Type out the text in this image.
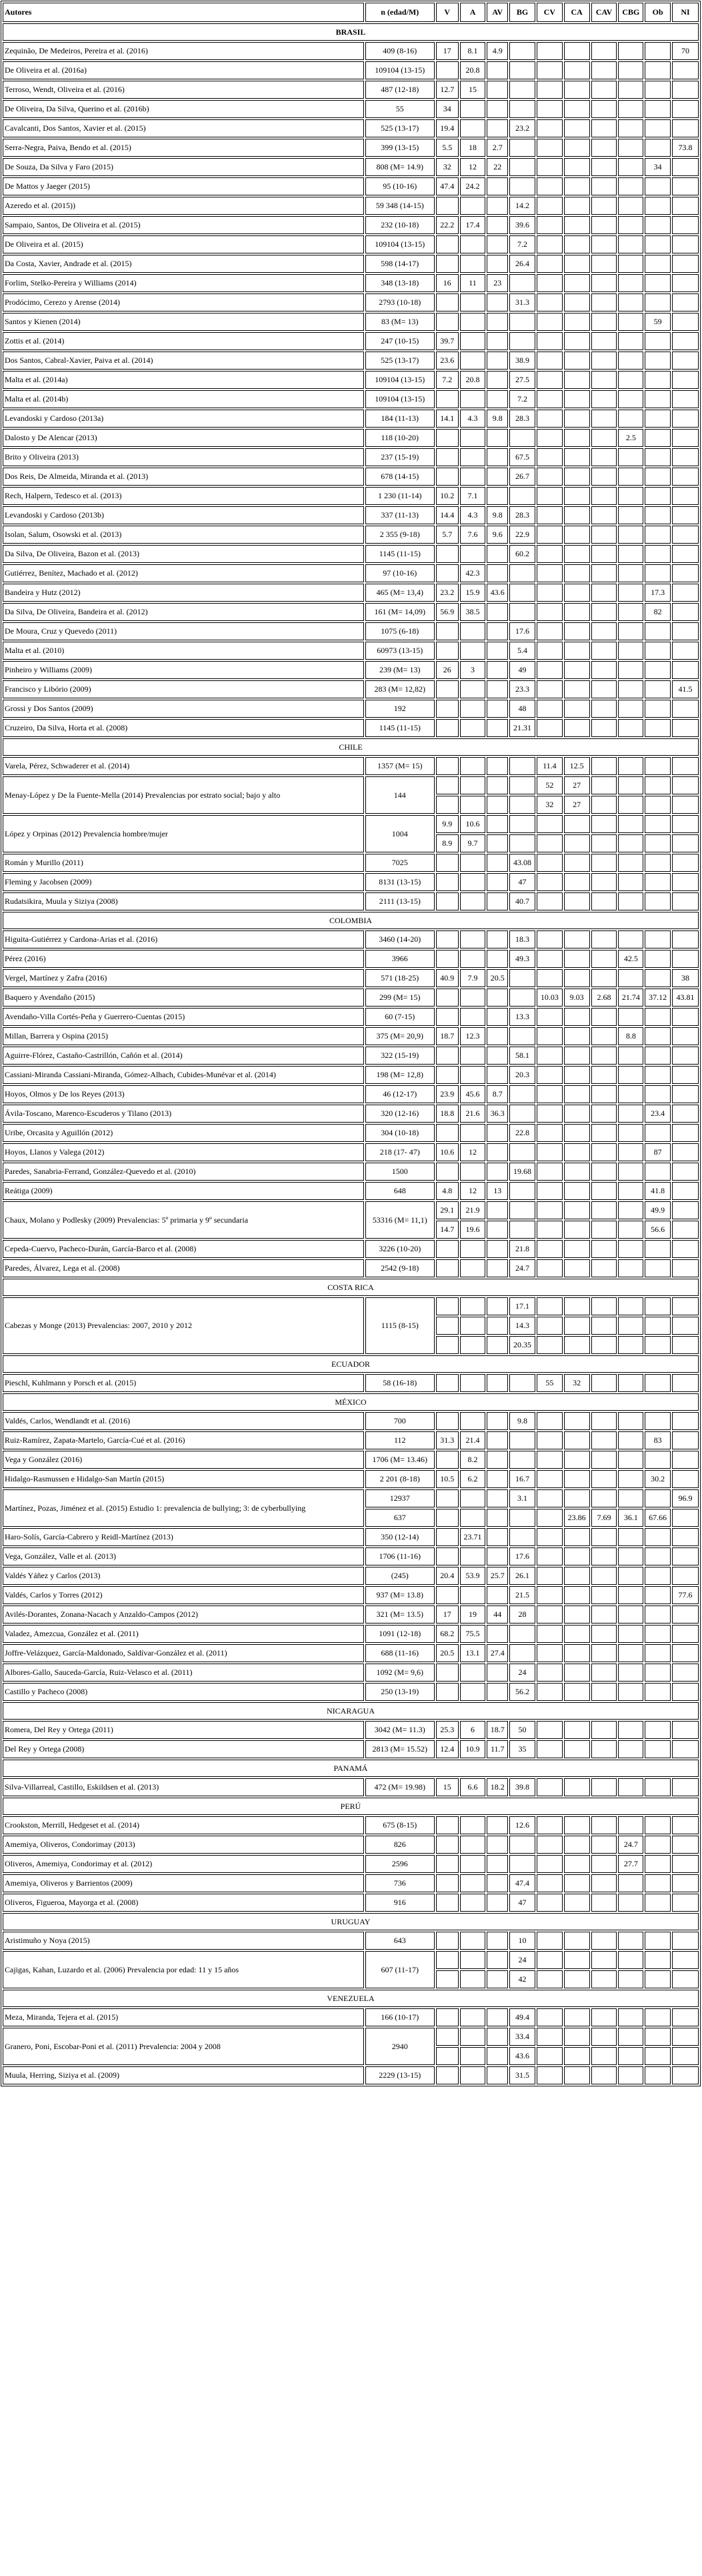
Autores	n (edad/M)	V	A	AV	BG	CV	CA	CAV	CBG	Ob	NI
BRASIL											
Zequinão, De Medeiros, Pereira et al. (2016)	409 (8-16)	17	8.1	4.9							70
De Oliveira et al. (2016a)	109104 (13-15)		20.8								
Terroso, Wendt, Oliveira et al. (2016)	487 (12-18)	12.7	15								
De Oliveira, Da Silva, Querino et al. (2016b)	55	34									
Cavalcanti, Dos Santos, Xavier et al. (2015)	525 (13-17)	19.4			23.2						
Serra-Negra, Paiva, Bendo et al. (2015)	399 (13-15)	5.5	18	2.7							73.8
De Souza, Da Silva y Faro (2015)	808 (M= 14.9)	32	12	22						34	
De Mattos y Jaeger (2015)	95 (10-16)	47.4	24.2								
Azeredo et al. (2015))	59 348 (14-15)				14.2						
Sampaio, Santos, De Oliveira et al. (2015)	232 (10-18)	22.2	17.4		39.6						
De Oliveira et al. (2015)	109104 (13-15)				7.2						
Da Costa, Xavier, Andrade et al. (2015)	598 (14-17)				26.4						
Forlim, Stelko-Pereira y Williams (2014)	348 (13-18)	16	11	23							
Prodócimo, Cerezo y Arense (2014)	2793 (10-18)				31.3						
Santos y Kienen (2014)	83 (M= 13)									59	
Zottis et al. (2014)	247 (10-15)	39.7									
Dos Santos, Cabral-Xavier, Paiva et al. (2014)	525 (13-17)	23.6			38.9						
Malta et al. (2014a)	109104 (13-15)	7.2	20.8		27.5						
Malta et al. (2014b)	109104 (13-15)				7.2						
Levandoski y Cardoso (2013a)	184 (11-13)	14.1	4.3	9.8	28.3						
Dalosto y De Alencar (2013)	118 (10-20)								2.5		
Brito y Oliveira (2013)	237 (15-19)				67.5						
Dos Reis, De Almeida, Miranda et al. (2013)	678 (14-15)				26.7						
Rech, Halpern, Tedesco et al. (2013)	1 230 (11-14)	10.2	7.1								
Levandoski y Cardoso (2013b)	337 (11-13)	14.4	4.3	9.8	28.3						
Isolan, Salum, Osowski et al. (2013)	2 355 (9-18)	5.7	7.6	9.6	22.9						
Da Silva, De Oliveira, Bazon et al. (2013)	1145 (11-15)				60.2						
Gutiérrez, Benítez, Machado et al. (2012)	97 (10-16)		42.3								
Bandeira y Hutz (2012)	465 (M= 13,4)	23.2	15.9	43.6						17.3	
Da Silva, De Oliveira, Bandeira et al. (2012)	161 (M= 14,09)	56.9	38.5							82	
De Moura, Cruz y Quevedo (2011)	1075 (6-18)				17.6						
Malta et al. (2010)	60973 (13-15)				5.4						
Pinheiro y Williams (2009)	239 (M= 13)	26	3		49						
Francisco y Libório (2009)	283 (M= 12,82)				23.3						41.5
Grossi y Dos Santos (2009)	192				48						
Cruzeiro, Da Silva, Horta et al. (2008)	1145 (11-15)				21.31						
CHILE											
Varela, Pérez, Schwaderer et al. (2014)	1357 (M= 15)					11.4	12.5				
Menay-López y De la Fuente-Mella (2014) Prevalencias por estrato social; bajo y alto	144					52	27				
						32	27				
López y Orpinas (2012) Prevalencia hombre/mujer	1004	9.9	10.6								
		8.9	9.7								
Román y Murillo (2011)	7025				43.08						
Fleming y Jacobsen (2009)	8131 (13-15)				47						
Rudatsikira, Muula y Siziya (2008)	2111 (13-15)				40.7						
COLOMBIA											
Higuita-Gutiérrez y Cardona-Arias et al. (2016)	3460 (14-20)				18.3						
Pérez (2016)	3966				49.3				42.5		
Vergel, Martínez y Zafra (2016)	571 (18-25)	40.9	7.9	20.5							38
Baquero y Avendaño (2015)	299 (M= 15)					10.03	9.03	2.68	21.74	37.12	43.81
Avendaño-Villa Cortés-Peña y Guerrero-Cuentas (2015)	60 (7-15)				13.3						
Millan, Barrera y Ospina (2015)	375 (M= 20,9)	18.7	12.3						8.8		
Aguirre-Flórez, Castaño-Castrillón, Cañón et al. (2014)	322 (15-19)				58.1						
Cassiani-Miranda Cassiani-Miranda, Gómez-Alhach, Cubides-Munévar et al. (2014)	198 (M= 12,8)				20.3						
Hoyos, Olmos y De los Reyes (2013)	46 (12-17)	23.9	45.6	8.7							
Ávila-Toscano, Marenco-Escuderos y Tilano (2013)	320 (12-16)	18.8	21.6	36.3						23.4	
Uribe, Orcasita y Aguillón (2012)	304 (10-18)				22.8						
Hoyos, Llanos y Valega (2012)	218 (17- 47)	10.6	12							87	
Paredes, Sanabria-Ferrand, González-Quevedo et al. (2010)	1500				19.68						
Reátiga (2009)	648	4.8	12	13						41.8	
Chaux, Molano y Podlesky (2009) Prevalencias: 5º primaria y 9º secundaria	53316 (M= 11,1)	29.1	21.9							49.9	
		14.7	19.6							56.6	
Cepeda-Cuervo, Pacheco-Durán, García-Barco et al. (2008)	3226 (10-20)				21.8						
Paredes, Álvarez, Lega et al. (2008)	2542 (9-18)				24.7						
COSTA RICA											
Cabezas y Monge (2013) Prevalencias: 2007, 2010 y 2012	1115 (8-15)				17.1						
					14.3						
					20.35						
ECUADOR											
Pieschl, Kuhlmann y Porsch et al. (2015)	58 (16-18)					55	32				
MÉXICO											
Valdés, Carlos, Wendlandt et al. (2016)	700				9.8						
Ruiz-Ramírez, Zapata-Martelo, García-Cué et al. (2016)	112	31.3	21.4							83	
Vega y González (2016)	1706 (M= 13.46)		8.2								
Hidalgo-Rasmussen e Hidalgo-San Martín (2015)	2 201 (8-18)	10.5	6.2		16.7					30.2	
Martínez, Pozas, Jiménez et al. (2015) Estudio 1: prevalencia de bullying; 3: de cyberbullying	12937				3.1						96.9
	637						23.86	7.69	36.1	67.66	
Haro-Solís, García-Cabrero y Reidl-Martínez (2013)	350 (12-14)		23.71								
Vega, González, Valle et al. (2013)	1706 (11-16)				17.6						
Valdés Yáñez y Carlos (2013)	(245)	20.4	53.9	25.7	26.1						
Valdés, Carlos y Torres (2012)	937 (M= 13.8)				21.5						77.6
Avilés-Dorantes, Zonana-Nacach y Anzaldo-Campos (2012)	321 (M= 13.5)	17	19	44	28						
Valadez, Amezcua, González et al. (2011)	1091 (12-18)	68.2	75.5								
Joffre-Velázquez, García-Maldonado, Saldívar-González et al. (2011)	688 (11-16)	20.5	13.1	27.4							
Albores-Gallo, Sauceda-García, Ruiz-Velasco et al. (2011)	1092 (M= 9,6)				24						
Castillo y Pacheco (2008)	250 (13-19)				56.2						
NICARAGUA											
Romera, Del Rey y Ortega (2011)	3042 (M= 11.3)	25.3	6	18.7	50						
Del Rey y Ortega (2008)	2813 (M= 15.52)	12.4	10.9	11.7	35						
PANAMÁ											
Silva-Villarreal, Castillo, Eskildsen et al. (2013)	472 (M= 19.98)	15	6.6	18.2	39.8						
PERÚ											
Crookston, Merrill, Hedgeset et al. (2014)	675 (8-15)				12.6						
Amemiya, Oliveros, Condorimay (2013)	826								24.7		
Oliveros, Amemiya, Condorimay et al. (2012)	2596								27.7		
Amemiya, Oliveros y Barrientos (2009)	736				47.4						
Oliveros, Figueroa, Mayorga et al. (2008)	916				47						
URUGUAY											
Aristimuño y Noya (2015)	643				10						
Cajigas, Kahan, Luzardo et al. (2006) Prevalencia por edad: 11 y 15 años	607 (11-17)				24						
					42						
VENEZUELA											
Meza, Miranda, Tejera et al. (2015)	166 (10-17)				49.4						
Granero, Poni, Escobar-Poni et al. (2011) Prevalencia: 2004 y 2008	2940				33.4						
					43.6						
Muula, Herring, Siziya et al. (2009)	2229 (13-15)				31.5						
